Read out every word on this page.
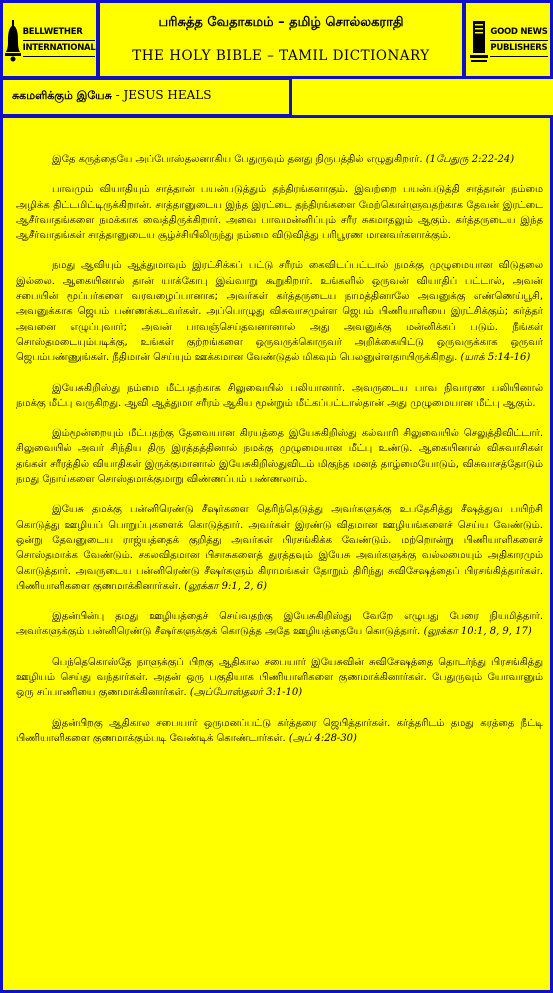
BELLWETHER
INTERNATIONAL
பரிசுத்த வேதாகமம் – தமிழ் சொல்லகராதி
THE HOLY BIBLE – TAMIL DICTIONARY
GOOD NEWS
PUBLISHERS
சுகமளிக்கும் இயேசு - JESUS HEALS

இதே கருத்தையே அப்போஸ்தலனாகிய பேதுருவும் தனது நிருபத்தில் எழுதுகிறார். (1பேதுரு 2:22-24)

பாவமும் வியாதியும் சாத்தான் பயன்படுத்தும் தந்திரங்களாகும். இவற்றை பயன்படுத்தி சாத்தான் நம்மை அழிக்க திட்டமிட்டிருக்கிறான். சாத்தானுடைய இந்த இரட்டை தந்திரங்களை மேற்கொள்ளுவதற்காக தேவன் இரட்டை ஆசீர்வாதங்களை நமக்காக வைத்திருக்கிறார். அவை பாவமன்னிப்பும் சரீர சுகமாதலும் ஆகும். கர்த்தருடைய இந்த ஆசீர்வாதங்கள் சாத்தானுடைய சூழ்ச்சியிலிருந்து நம்மை விடுவித்து பரிபூரண மானவர்களாக்கும்.

நமது ஆவியும் ஆத்துமாவும் இரட்சிக்கப் பட்டு சரீரம் கைவிடப்பட்டால் நமக்கு முழுமையான விடுதலை இல்லை. ஆகையினால் தான் யாக்கோபு இவ்வாறு கூறுகிறார். உங்களில் ஒருவன் வியாதிப் பட்டால், அவன் சபையின் மூப்பர்களை வரவழைப்பானாக; அவர்கள் கர்த்தருடைய நாமத்தினாலே அவனுக்கு எண்ணெய்பூசி, அவனுக்காக ஜெபம் பண்ணக்கடவர்கள். அப்பொழுது விசுவாசமுள்ள ஜெபம் பிணியாளியை இரட்சிக்கும்; கர்த்தர் அவனை எழுப்புவார்; அவன் பாவஞ்செய்தவனானால் அது அவனுக்கு மன்னிக்கப் படும். நீங்கள் சொஸ்தமடையும்படிக்கு, உங்கள் குற்றங்களை ஒருவருக்கொருவர் அறிக்கையிட்டு ஒருவருக்காக ஒருவர் ஜெபம்பண்ணுங்கள். நீதிமான் செய்யும் ஊக்கமான வேண்டுதல் மிகவும் பெலனுள்ளதாயிருக்கிறது. (யாக் 5:14-16)

இயேசுகிறிஸ்து நம்மை மீட்பதற்காக சிலுவையில் பலியானார். அவருடைய பாவ நிவாரண பலியினால் நமக்கு மீட்பு வருகிறது. ஆவி ஆத்துமா சரீரம் ஆகிய மூன்றும் மீட்கப்பட்டால்தான் அது முழுமையான மீட்பு ஆகும்.

இம்மூன்றையும் மீட்பதற்கு தேவையான கிரயத்தை இயேசுகிறிஸ்து கல்வாரி சிலுவையில் செலுத்திவிட்டார். சிலுவையில் அவர் சிந்திய திரு இரத்தத்தினால் நமக்கு முழுமையான மீட்பு உண்டு. ஆகையினால் விசுவாசிகள் தங்கள் சரீரத்தில் வியாதிகள் இருக்குமானால் இயேசுகிறிஸ்துவிடம் மிகுந்த மனத் தாழ்மையோடும், விசுவாசத்தோடும் நமது நோய்களை சொஸ்தமாக்குமாறு விண்ணப்பம் பண்ணலாம்.

இயேசு தமக்கு பன்னிரெண்டு சீஷர்களை தெரிந்தெடுத்து அவர்களுக்கு உபதேசித்து சீஷத்துவ பயிற்சி கொடுத்து ஊழியப் பொறுப்புகளைக் கொடுத்தார். அவர்கள் இரண்டு விதமான ஊழியங்களைச் செய்ய வேண்டும். ஒன்று தேவனுடைய ராஜ்யத்தைக் குறித்து அவர்கள் பிரசங்கிக்க வேண்டும். மற்றொன்று பிணியாளிகளைச் சொஸ்தமாக்க வேண்டும். சகலவிதமான பிசாசுகளைத் துரத்தவும் இயேசு அவர்களுக்கு வல்லமையும் அதிகாரமும் கொடுத்தார். அவருடைய பன்னிரெண்டு சீஷர்களும் கிராமங்கள் தோறும் திரிந்து சுவிசேஷத்தைப் பிரசங்கித்தார்கள். பிணியாளிகளை குணமாக்கினார்கள். (லூக்கா 9:1, 2, 6)

இதன்பின்பு தமது ஊழியத்தைச் செய்வதற்கு இயேசுகிறிஸ்து வேறே எழுபது பேரை நியமித்தார். அவர்களுக்கும் பன்னிரெண்டு சீஷர்களுக்குக் கொடுத்த அதே ஊழியத்தையே கொடுத்தார். (லூக்கா 10:1, 8, 9, 17)

பெந்தெகொஸ்தே நாளுக்குப் பிறகு ஆதிகால சபையார் இயேசுவின் சுவிசேஷத்தை தொடர்ந்து பிரசங்கித்து ஊழியம் செய்து வந்தார்கள். அதன் ஒரு பகுதியாக பிணியாளிகளை குணமாக்கினார்கள். பேதுருவும் யோவானும் ஒரு சப்பாணியை குணமாக்கினார்கள். (அப்போஸ்தலர் 3:1-10)

இதன்பிறகு ஆதிகால சபையார் ஒருமனப்பட்டு கர்த்தரை ஜெபித்தார்கள். கர்த்தரிடம் தமது கரத்தை நீட்டி பிணியாளிகளை குணமாக்கும்படி வேண்டிக் கொண்டார்கள். (அப் 4:28-30)
